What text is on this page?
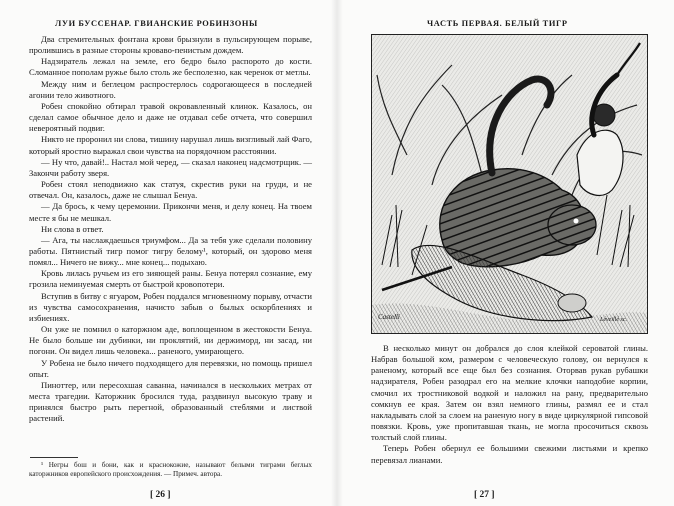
ЛУИ БУССЕНАР. ГВИАНСКИЕ РОБИНЗОНЫ

Два стремительных фонтана крови брызнули в пульсирующем порыве, пролившись в разные стороны кроваво-пенистым дождем.

Надзиратель лежал на земле, его бедро было распорото до кости. Сломанное пополам ружье было столь же бесполезно, как черенок от метлы.

Между ним и беглецом распростерлось содрогающееся в последней агонии тело животного.

Робен спокойно обтирал травой окровавленный клинок. Казалось, он сделал самое обычное дело и даже не отдавал себе отчета, что совершил невероятный подвиг.

Никто не проронил ни слова, тишину нарушал лишь визгливый лай Фаго, который яростно выражал свои чувства на порядочном расстоянии.

— Ну что, давай!.. Настал мой черед, — сказал наконец надсмотрщик. — Закончи работу зверя.

Робен стоял неподвижно как статуя, скрестив руки на груди, и не отвечал. Он, казалось, даже не слышал Бенуа.

— Да брось, к чему церемонии. Прикончи меня, и делу конец. На твоем месте я бы не мешкал.

Ни слова в ответ.

— Ага, ты наслаждаешься триумфом... Да за тебя уже сделали половину работы. Пятнистый тигр помог тигру белому¹, который, он здорово меня помял... Ничего не вижу... мне конец... подыхаю.

Кровь лилась ручьем из его зияющей раны. Бенуа потерял сознание, ему грозила неминуемая смерть от быстрой кровопотери.

Вступив в битву с ягуаром, Робен поддался мгновенному порыву, отчасти из чувства самосохранения, начисто забыв о былых оскорблениях и избиениях.

Он уже не помнил о каторжном аде, воплощенном в жестокости Бенуа. Не было больше ни дубинки, ни проклятий, ни держиморд, ни засад, ни погони. Он видел лишь человека... раненого, умирающего.

У Робена не было ничего подходящего для перевязки, но помощь пришел опыт.

Пиноттер, или пересохшая саванна, начинался в нескольких метрах от места трагедии. Каторжник бросился туда, раздвинул высокую траву и принялся быстро рыть перегной, образованный стеблями и листвой растений.

¹ Негры бош и бони, как и краснокожие, называют белыми тиграми беглых каторжников европейского происхождения. — Примеч. автора.
[ 26 ]
ЧАСТЬ ПЕРВАЯ. БЕЛЫЙ ТИГР
Castelli	Léveillé sc.

В несколько минут он добрался до слоя клейкой сероватой глины. Набрав большой ком, размером с человеческую голову, он вернулся к раненому, который все еще был без сознания. Оторвав рукав рубашки надзирателя, Робен разодрал его на мелкие клочки наподобие корпии, смочил их тростниковой водкой и наложил на рану, предварительно сомкнув ее края. Затем он взял немного глины, размял ее и стал накладывать слой за слоем на раненую ногу в виде циркулярной гипсовой повязки. Кровь, уже пропитавшая ткань, не могла просочиться сквозь толстый слой глины.

Теперь Робен обернул ее большими свежими листьями и крепко перевязал лианами.

[ 27 ]
